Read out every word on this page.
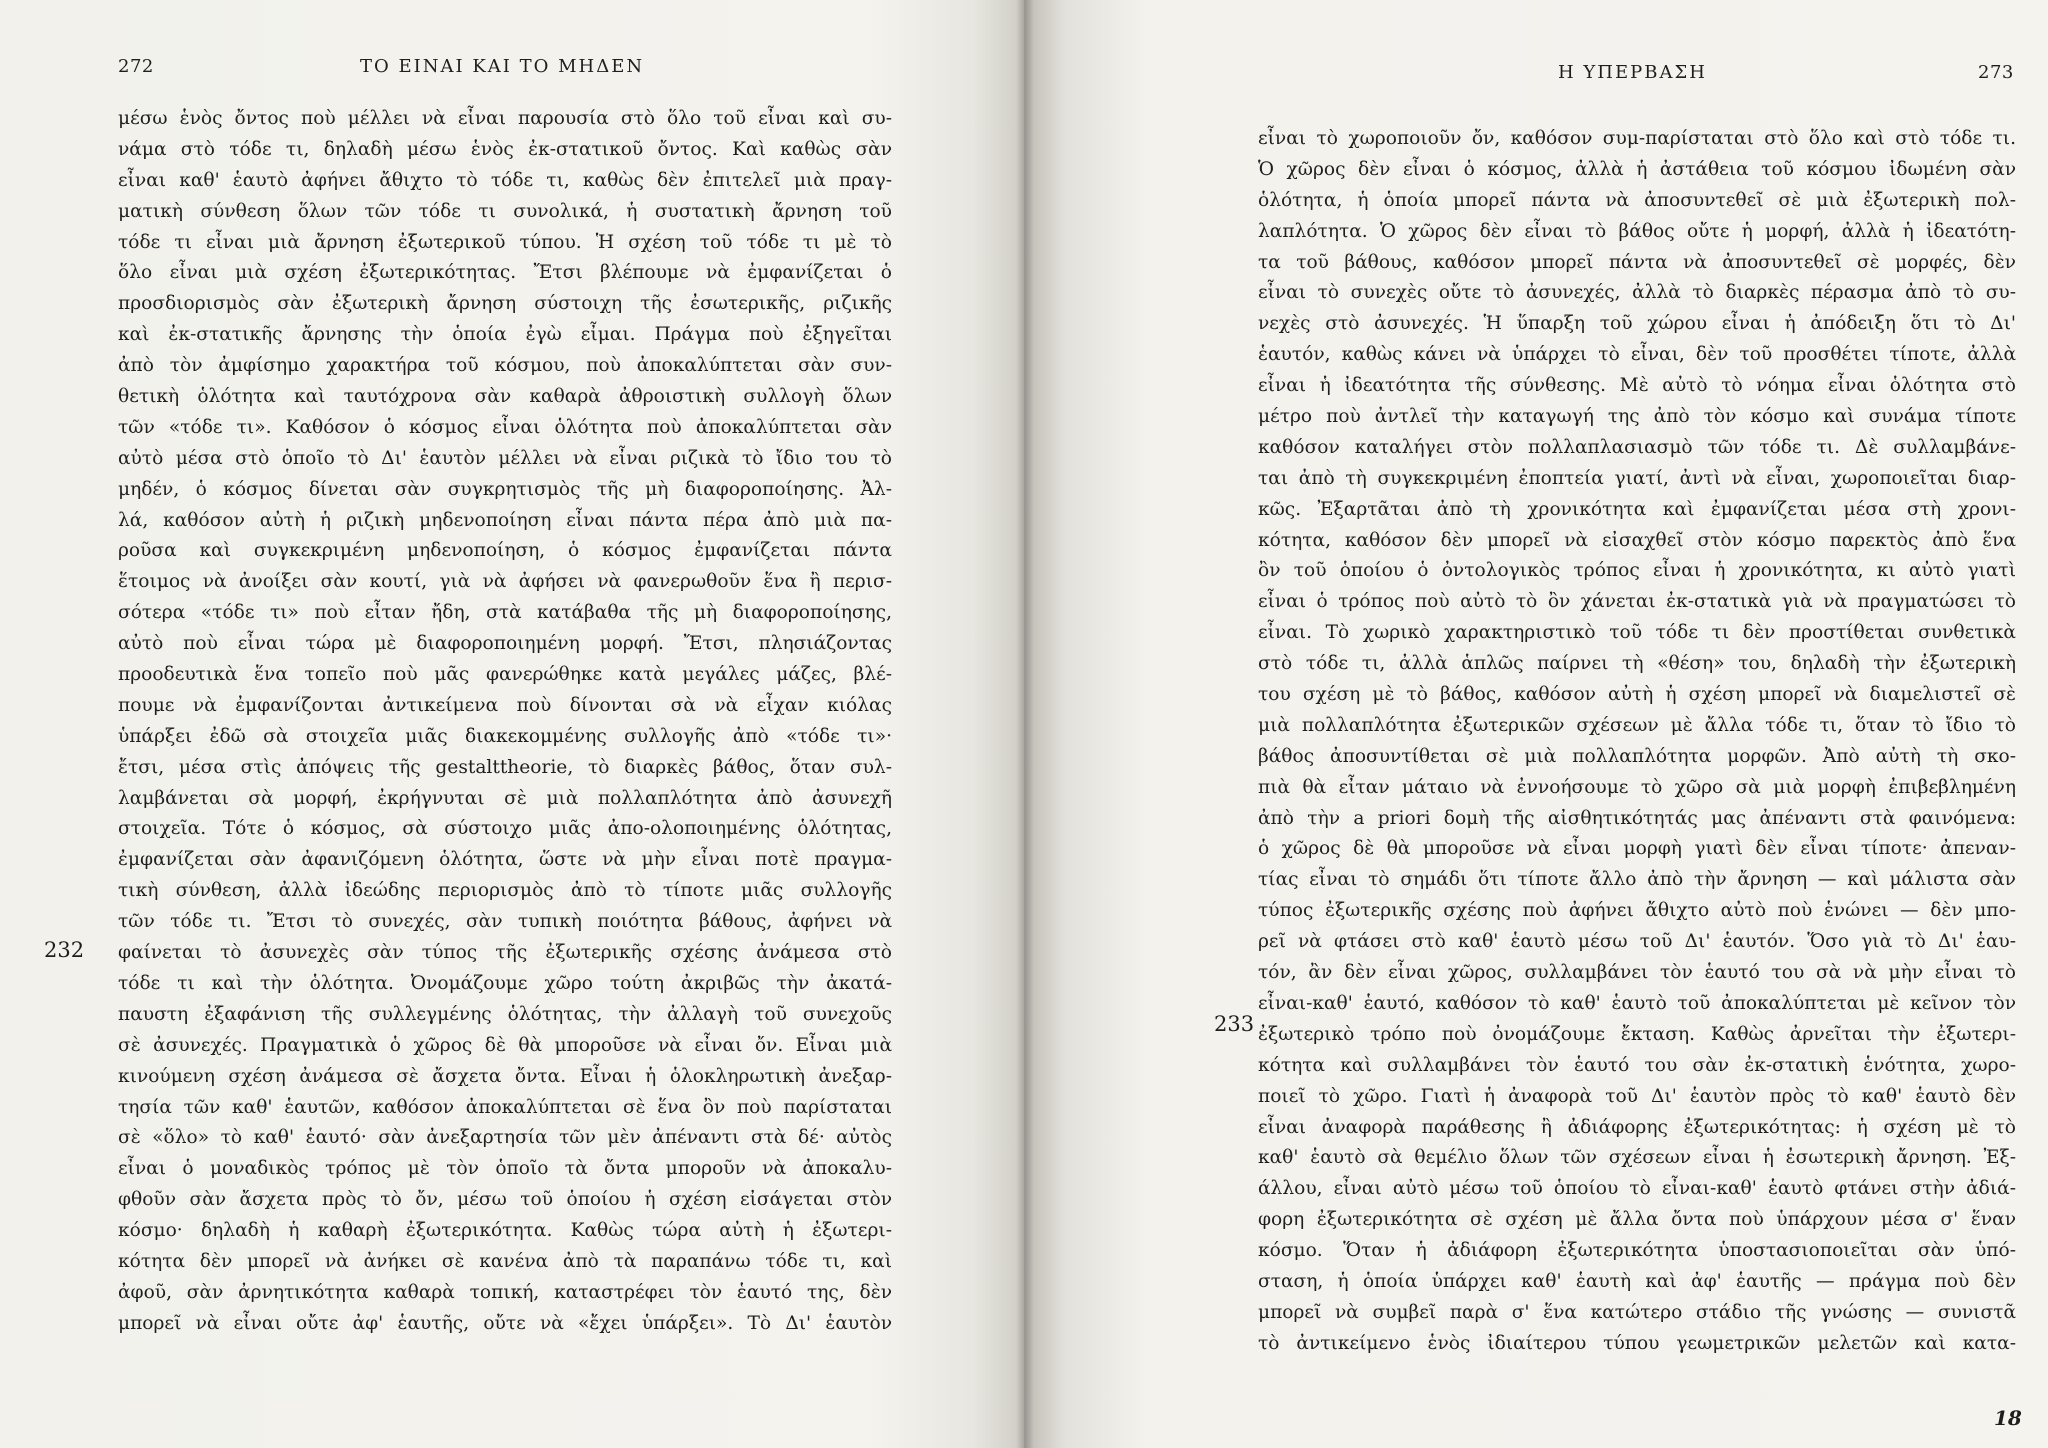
272	ΤΟ ΕΙΝΑΙ ΚΑΙ ΤΟ ΜΗΔΕΝ
232
μέσω ἑνὸς ὄντος ποὺ μέλλει νὰ εἶναι παρουσία στὸ ὅλο τοῦ εἶναι καὶ συ-
νάμα στὸ τόδε τι, δηλαδὴ μέσω ἑνὸς ἐκ-στατικοῦ ὄντος. Καὶ καθὼς σὰν
εἶναι καθ' ἑαυτὸ ἀφήνει ἄθιχτο τὸ τόδε τι, καθὼς δὲν ἐπιτελεῖ μιὰ πραγ-
ματικὴ σύνθεση ὅλων τῶν τόδε τι συνολικά, ἡ συστατικὴ ἄρνηση τοῦ
τόδε τι εἶναι μιὰ ἄρνηση ἐξωτερικοῦ τύπου. Ἡ σχέση τοῦ τόδε τι μὲ τὸ
ὅλο εἶναι μιὰ σχέση ἐξωτερικότητας. Ἔτσι βλέπουμε νὰ ἐμφανίζεται ὁ
προσδιορισμὸς σὰν ἐξωτερικὴ ἄρνηση σύστοιχη τῆς ἐσωτερικῆς, ριζικῆς
καὶ ἐκ-στατικῆς ἄρνησης τὴν ὁποία ἐγὼ εἶμαι. Πράγμα ποὺ ἐξηγεῖται
ἀπὸ τὸν ἀμφίσημο χαρακτήρα τοῦ κόσμου, ποὺ ἀποκαλύπτεται σὰν συν-
θετικὴ ὁλότητα καὶ ταυτόχρονα σὰν καθαρὰ ἀθροιστικὴ συλλογὴ ὅλων
τῶν «τόδε τι». Καθόσον ὁ κόσμος εἶναι ὁλότητα ποὺ ἀποκαλύπτεται σὰν
αὐτὸ μέσα στὸ ὁποῖο τὸ Δι' ἑαυτὸν μέλλει νὰ εἶναι ριζικὰ τὸ ἴδιο του τὸ
μηδέν, ὁ κόσμος δίνεται σὰν συγκρητισμὸς τῆς μὴ διαφοροποίησης. Ἀλ-
λά, καθόσον αὐτὴ ἡ ριζικὴ μηδενοποίηση εἶναι πάντα πέρα ἀπὸ μιὰ πα-
ροῦσα καὶ συγκεκριμένη μηδενοποίηση, ὁ κόσμος ἐμφανίζεται πάντα
ἕτοιμος νὰ ἀνοίξει σὰν κουτί, γιὰ νὰ ἀφήσει νὰ φανερωθοῦν ἕνα ἢ περισ-
σότερα «τόδε τι» ποὺ εἶταν ἤδη, στὰ κατάβαθα τῆς μὴ διαφοροποίησης,
αὐτὸ ποὺ εἶναι τώρα μὲ διαφοροποιημένη μορφή. Ἔτσι, πλησιάζοντας
προοδευτικὰ ἕνα τοπεῖο ποὺ μᾶς φανερώθηκε κατὰ μεγάλες μάζες, βλέ-
πουμε νὰ ἐμφανίζονται ἀντικείμενα ποὺ δίνονται σὰ νὰ εἶχαν κιόλας
ὑπάρξει ἐδῶ σὰ στοιχεῖα μιᾶς διακεκομμένης συλλογῆς ἀπὸ «τόδε τι»·
ἔτσι, μέσα στὶς ἀπόψεις τῆς gestalttheorie, τὸ διαρκὲς βάθος, ὅταν συλ-
λαμβάνεται σὰ μορφή, ἐκρήγνυται σὲ μιὰ πολλαπλότητα ἀπὸ ἀσυνεχῆ
στοιχεῖα. Τότε ὁ κόσμος, σὰ σύστοιχο μιᾶς ἀπο-ολοποιημένης ὁλότητας,
ἐμφανίζεται σὰν ἀφανιζόμενη ὁλότητα, ὥστε νὰ μὴν εἶναι ποτὲ πραγμα-
τικὴ σύνθεση, ἀλλὰ ἰδεώδης περιορισμὸς ἀπὸ τὸ τίποτε μιᾶς συλλογῆς
τῶν τόδε τι. Ἔτσι τὸ συνεχές, σὰν τυπικὴ ποιότητα βάθους, ἀφήνει νὰ
φαίνεται τὸ ἀσυνεχὲς σὰν τύπος τῆς ἐξωτερικῆς σχέσης ἀνάμεσα στὸ
τόδε τι καὶ τὴν ὁλότητα. Ὀνομάζουμε χῶρο τούτη ἀκριβῶς τὴν ἀκατά-
παυστη ἐξαφάνιση τῆς συλλεγμένης ὁλότητας, τὴν ἀλλαγὴ τοῦ συνεχοῦς
σὲ ἀσυνεχές. Πραγματικὰ ὁ χῶρος δὲ θὰ μποροῦσε νὰ εἶναι ὄν. Εἶναι μιὰ
κινούμενη σχέση ἀνάμεσα σὲ ἄσχετα ὄντα. Εἶναι ἡ ὁλοκληρωτικὴ ἀνεξαρ-
τησία τῶν καθ' ἑαυτῶν, καθόσον ἀποκαλύπτεται σὲ ἕνα ὂν ποὺ παρίσταται
σὲ «ὅλο» τὸ καθ' ἑαυτό· σὰν ἀνεξαρτησία τῶν μὲν ἀπέναντι στὰ δέ· αὐτὸς
εἶναι ὁ μοναδικὸς τρόπος μὲ τὸν ὁποῖο τὰ ὄντα μποροῦν νὰ ἀποκαλυ-
φθοῦν σὰν ἄσχετα πρὸς τὸ ὄν, μέσω τοῦ ὁποίου ἡ σχέση εἰσάγεται στὸν
κόσμο· δηλαδὴ ἡ καθαρὴ ἐξωτερικότητα. Καθὼς τώρα αὐτὴ ἡ ἐξωτερι-
κότητα δὲν μπορεῖ νὰ ἀνήκει σὲ κανένα ἀπὸ τὰ παραπάνω τόδε τι, καὶ
ἀφοῦ, σὰν ἀρνητικότητα καθαρὰ τοπική, καταστρέφει τὸν ἑαυτό της, δὲν
μπορεῖ νὰ εἶναι οὔτε ἀφ' ἑαυτῆς, οὔτε νὰ «ἔχει ὑπάρξει». Τὸ Δι' ἑαυτὸν
Η ΥΠΕΡΒΑΣΗ	273
233
εἶναι τὸ χωροποιοῦν ὄν, καθόσον συμ-παρίσταται στὸ ὅλο καὶ στὸ τόδε τι.
Ὁ χῶρος δὲν εἶναι ὁ κόσμος, ἀλλὰ ἡ ἀστάθεια τοῦ κόσμου ἰδωμένη σὰν
ὁλότητα, ἡ ὁποία μπορεῖ πάντα νὰ ἀποσυντεθεῖ σὲ μιὰ ἐξωτερικὴ πολ-
λαπλότητα. Ὁ χῶρος δὲν εἶναι τὸ βάθος οὔτε ἡ μορφή, ἀλλὰ ἡ ἰδεατότη-
τα τοῦ βάθους, καθόσον μπορεῖ πάντα νὰ ἀποσυντεθεῖ σὲ μορφές, δὲν
εἶναι τὸ συνεχὲς οὔτε τὸ ἀσυνεχές, ἀλλὰ τὸ διαρκὲς πέρασμα ἀπὸ τὸ συ-
νεχὲς στὸ ἀσυνεχές. Ἡ ὕπαρξη τοῦ χώρου εἶναι ἡ ἀπόδειξη ὅτι τὸ Δι'
ἑαυτόν, καθὼς κάνει νὰ ὑπάρχει τὸ εἶναι, δὲν τοῦ προσθέτει τίποτε, ἀλλὰ
εἶναι ἡ ἰδεατότητα τῆς σύνθεσης. Μὲ αὐτὸ τὸ νόημα εἶναι ὁλότητα στὸ
μέτρο ποὺ ἀντλεῖ τὴν καταγωγή της ἀπὸ τὸν κόσμο καὶ συνάμα τίποτε
καθόσον καταλήγει στὸν πολλαπλασιασμὸ τῶν τόδε τι. Δὲ συλλαμβάνε-
ται ἀπὸ τὴ συγκεκριμένη ἐποπτεία γιατί, ἀντὶ νὰ εἶναι, χωροποιεῖται διαρ-
κῶς. Ἐξαρτᾶται ἀπὸ τὴ χρονικότητα καὶ ἐμφανίζεται μέσα στὴ χρονι-
κότητα, καθόσον δὲν μπορεῖ νὰ εἰσαχθεῖ στὸν κόσμο παρεκτὸς ἀπὸ ἕνα
ὂν τοῦ ὁποίου ὁ ὀντολογικὸς τρόπος εἶναι ἡ χρονικότητα, κι αὐτὸ γιατὶ
εἶναι ὁ τρόπος ποὺ αὐτὸ τὸ ὂν χάνεται ἐκ-στατικὰ γιὰ νὰ πραγματώσει τὸ
εἶναι. Τὸ χωρικὸ χαρακτηριστικὸ τοῦ τόδε τι δὲν προστίθεται συνθετικὰ
στὸ τόδε τι, ἀλλὰ ἁπλῶς παίρνει τὴ «θέση» του, δηλαδὴ τὴν ἐξωτερικὴ
του σχέση μὲ τὸ βάθος, καθόσον αὐτὴ ἡ σχέση μπορεῖ νὰ διαμελιστεῖ σὲ
μιὰ πολλαπλότητα ἐξωτερικῶν σχέσεων μὲ ἄλλα τόδε τι, ὅταν τὸ ἴδιο τὸ
βάθος ἀποσυντίθεται σὲ μιὰ πολλαπλότητα μορφῶν. Ἀπὸ αὐτὴ τὴ σκο-
πιὰ θὰ εἶταν μάταιο νὰ ἐννοήσουμε τὸ χῶρο σὰ μιὰ μορφὴ ἐπιβεβλημένη
ἀπὸ τὴν a priori δομὴ τῆς αἰσθητικότητάς μας ἀπέναντι στὰ φαινόμενα:
ὁ χῶρος δὲ θὰ μποροῦσε νὰ εἶναι μορφὴ γιατὶ δὲν εἶναι τίποτε· ἀπεναν-
τίας εἶναι τὸ σημάδι ὅτι τίποτε ἄλλο ἀπὸ τὴν ἄρνηση — καὶ μάλιστα σὰν
τύπος ἐξωτερικῆς σχέσης ποὺ ἀφήνει ἄθιχτο αὐτὸ ποὺ ἑνώνει — δὲν μπο-
ρεῖ νὰ φτάσει στὸ καθ' ἑαυτὸ μέσω τοῦ Δι' ἑαυτόν. Ὅσο γιὰ τὸ Δι' ἑαυ-
τόν, ἂν δὲν εἶναι χῶρος, συλλαμβάνει τὸν ἑαυτό του σὰ νὰ μὴν εἶναι τὸ
εἶναι-καθ' ἑαυτό, καθόσον τὸ καθ' ἑαυτὸ τοῦ ἀποκαλύπτεται μὲ κεῖνον τὸν
ἐξωτερικὸ τρόπο ποὺ ὀνομάζουμε ἔκταση. Καθὼς ἀρνεῖται τὴν ἐξωτερι-
κότητα καὶ συλλαμβάνει τὸν ἑαυτό του σὰν ἐκ-στατικὴ ἑνότητα, χωρο-
ποιεῖ τὸ χῶρο. Γιατὶ ἡ ἀναφορὰ τοῦ Δι' ἑαυτὸν πρὸς τὸ καθ' ἑαυτὸ δὲν
εἶναι ἀναφορὰ παράθεσης ἢ ἀδιάφορης ἐξωτερικότητας: ἡ σχέση μὲ τὸ
καθ' ἑαυτὸ σὰ θεμέλιο ὅλων τῶν σχέσεων εἶναι ἡ ἐσωτερικὴ ἄρνηση. Ἐξ-
άλλου, εἶναι αὐτὸ μέσω τοῦ ὁποίου τὸ εἶναι-καθ' ἑαυτὸ φτάνει στὴν ἀδιά-
φορη ἐξωτερικότητα σὲ σχέση μὲ ἄλλα ὄντα ποὺ ὑπάρχουν μέσα σ' ἕναν
κόσμο. Ὅταν ἡ ἀδιάφορη ἐξωτερικότητα ὑποστασιοποιεῖται σὰν ὑπό-
σταση, ἡ ὁποία ὑπάρχει καθ' ἑαυτὴ καὶ ἀφ' ἑαυτῆς — πράγμα ποὺ δὲν
μπορεῖ νὰ συμβεῖ παρὰ σ' ἕνα κατώτερο στάδιο τῆς γνώσης — συνιστᾶ
τὸ ἀντικείμενο ἑνὸς ἰδιαίτερου τύπου γεωμετρικῶν μελετῶν καὶ κατα-
18
